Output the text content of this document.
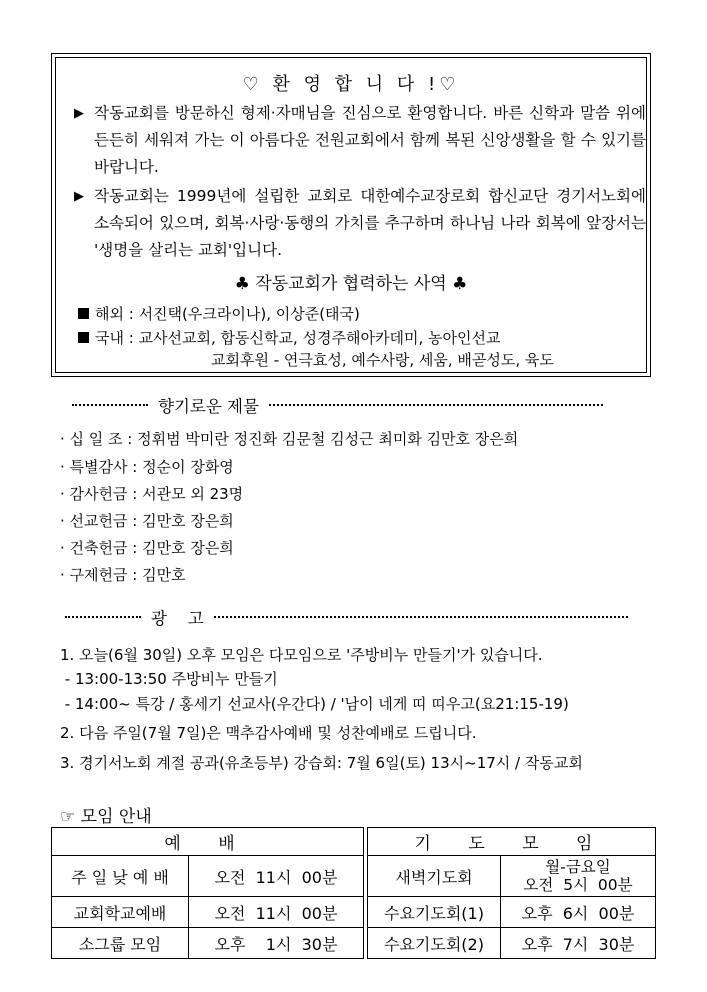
♡ 환 영 합 니 다 !♡
▶ 작동교회를 방문하신 형제·자매님을 진심으로 환영합니다. 바른 신학과 말씀 위에 든든히 세워져 가는 이 아름다운 전원교회에서 함께 복된 신앙생활을 할 수 있기를 바랍니다.
▶ 작동교회는 1999년에 설립한 교회로 대한예수교장로회 합신교단 경기서노회에 소속되어 있으며, 회복·사랑·동행의 가치를 추구하며 하나님 나라 회복에 앞장서는 '생명을 살리는 교회'입니다.
♣ 작동교회가 협력하는 사역 ♣
해외 : 서진택(우크라이나), 이상준(태국)
국내 : 교사선교회, 합동신학교, 성경주해아카데미, 농아인선교
교회후원 - 연극효성, 예수사랑, 세움, 배곧성도, 육도
향기로운 제물
· 십 일 조 : 정휘범 박미란 정진화 김문철 김성근 최미화 김만호 장은희
· 특별감사 : 정순이 장화영
· 감사헌금 : 서관모 외 23명
· 선교헌금 : 김만호 장은희
· 건축헌금 : 김만호 장은희
· 구제헌금 : 김만호
광    고
1. 오늘(6월 30일) 오후 모임은 다모임으로 '주방비누 만들기'가 있습니다.
- 13:00-13:50 주방비누 만들기
- 14:00~ 특강 / 홍세기 선교사(우간다) / '남이 네게 띠 띠우고(요21:15-19)
2. 다음 주일(7월 7일)은 맥추감사예배 및 성찬예배로 드립니다.
3. 경기서노회 계절 공과(유초등부) 강습회: 7월 6일(토) 13시~17시 / 작동교회
☞ 모임 안내
예 배			기 도 모 임	
주 일 낮 예 배	오전  11시  00분		새벽기도회	월-금요일
오전  5시  00분

교회학교예배	오전  11시  00분		수요기도회(1)	오후  6시  00분
소그룹 모임	오후    1시  30분		수요기도회(2)	오후  7시  30분
